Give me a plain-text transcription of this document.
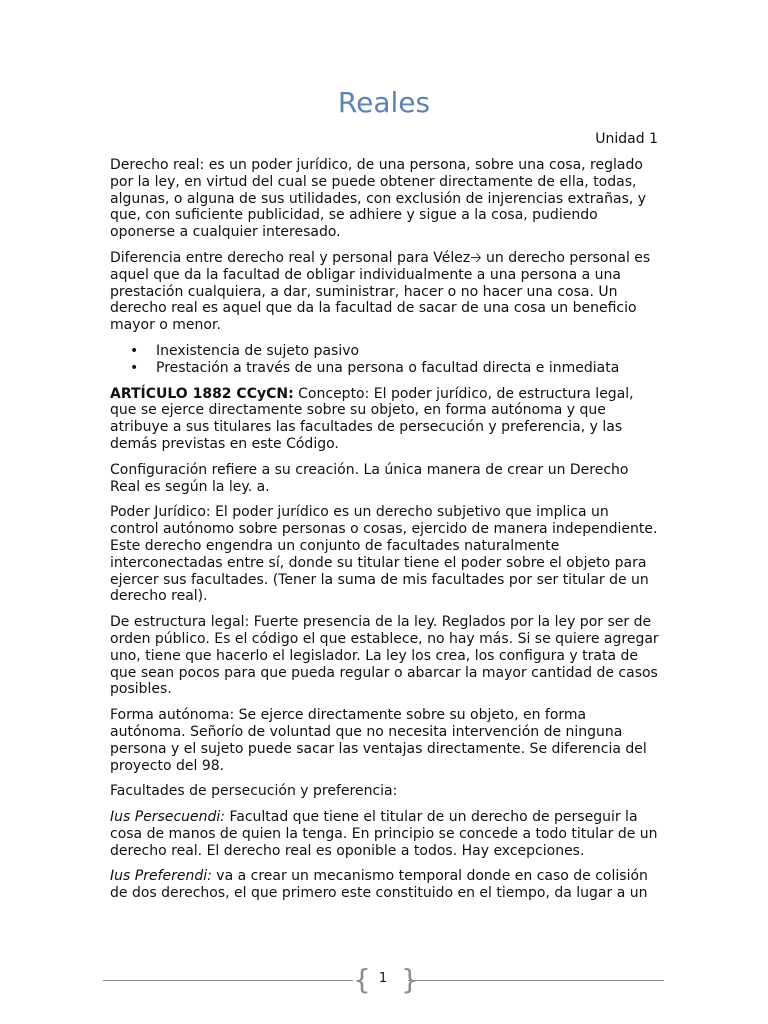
Reales
Unidad 1

Derecho real: es un poder jurídico, de una persona, sobre una cosa, reglado por la ley, en virtud del cual se puede obtener directamente de ella, todas, algunas, o alguna de sus utilidades, con exclusión de injerencias extrañas, y que, con suficiente publicidad, se adhiere y sigue a la cosa, pudiendo oponerse a cualquier interesado.

Diferencia entre derecho real y personal para Vélez🡢 un derecho personal es aquel que da la facultad de obligar individualmente a una persona a una prestación cualquiera, a dar, suministrar, hacer o no hacer una cosa. Un derecho real es aquel que da la facultad de sacar de una cosa un beneficio mayor o menor.

• Inexistencia de sujeto pasivo
• Prestación a través de una persona o facultad directa e inmediata

ARTÍCULO 1882 CCyCN: Concepto: El poder jurídico, de estructura legal, que se ejerce directamente sobre su objeto, en forma autónoma y que atribuye a sus titulares las facultades de persecución y preferencia, y las demás previstas en este Código.

Configuración refiere a su creación. La única manera de crear un Derecho Real es según la ley. a.

Poder Jurídico: El poder jurídico es un derecho subjetivo que implica un control autónomo sobre personas o cosas, ejercido de manera independiente. Este derecho engendra un conjunto de facultades naturalmente interconectadas entre sí, donde su titular tiene el poder sobre el objeto para ejercer sus facultades. (Tener la suma de mis facultades por ser titular de un derecho real).

De estructura legal: Fuerte presencia de la ley. Reglados por la ley por ser de orden público. Es el código el que establece, no hay más. Si se quiere agregar uno, tiene que hacerlo el legislador. La ley los crea, los configura y trata de que sean pocos para que pueda regular o abarcar la mayor cantidad de casos posibles.

Forma autónoma: Se ejerce directamente sobre su objeto, en forma autónoma. Señorío de voluntad que no necesita intervención de ninguna persona y el sujeto puede sacar las ventajas directamente. Se diferencia del proyecto del 98.

Facultades de persecución y preferencia:

Ius Persecuendi: Facultad que tiene el titular de un derecho de perseguir la cosa de manos de quien la tenga. En principio se concede a todo titular de un derecho real. El derecho real es oponible a todos. Hay excepciones.

Ius Preferendi: va a crear un mecanismo temporal donde en caso de colisión de dos derechos, el que primero este constituido en el tiempo, da lugar a un

{ 1 }
